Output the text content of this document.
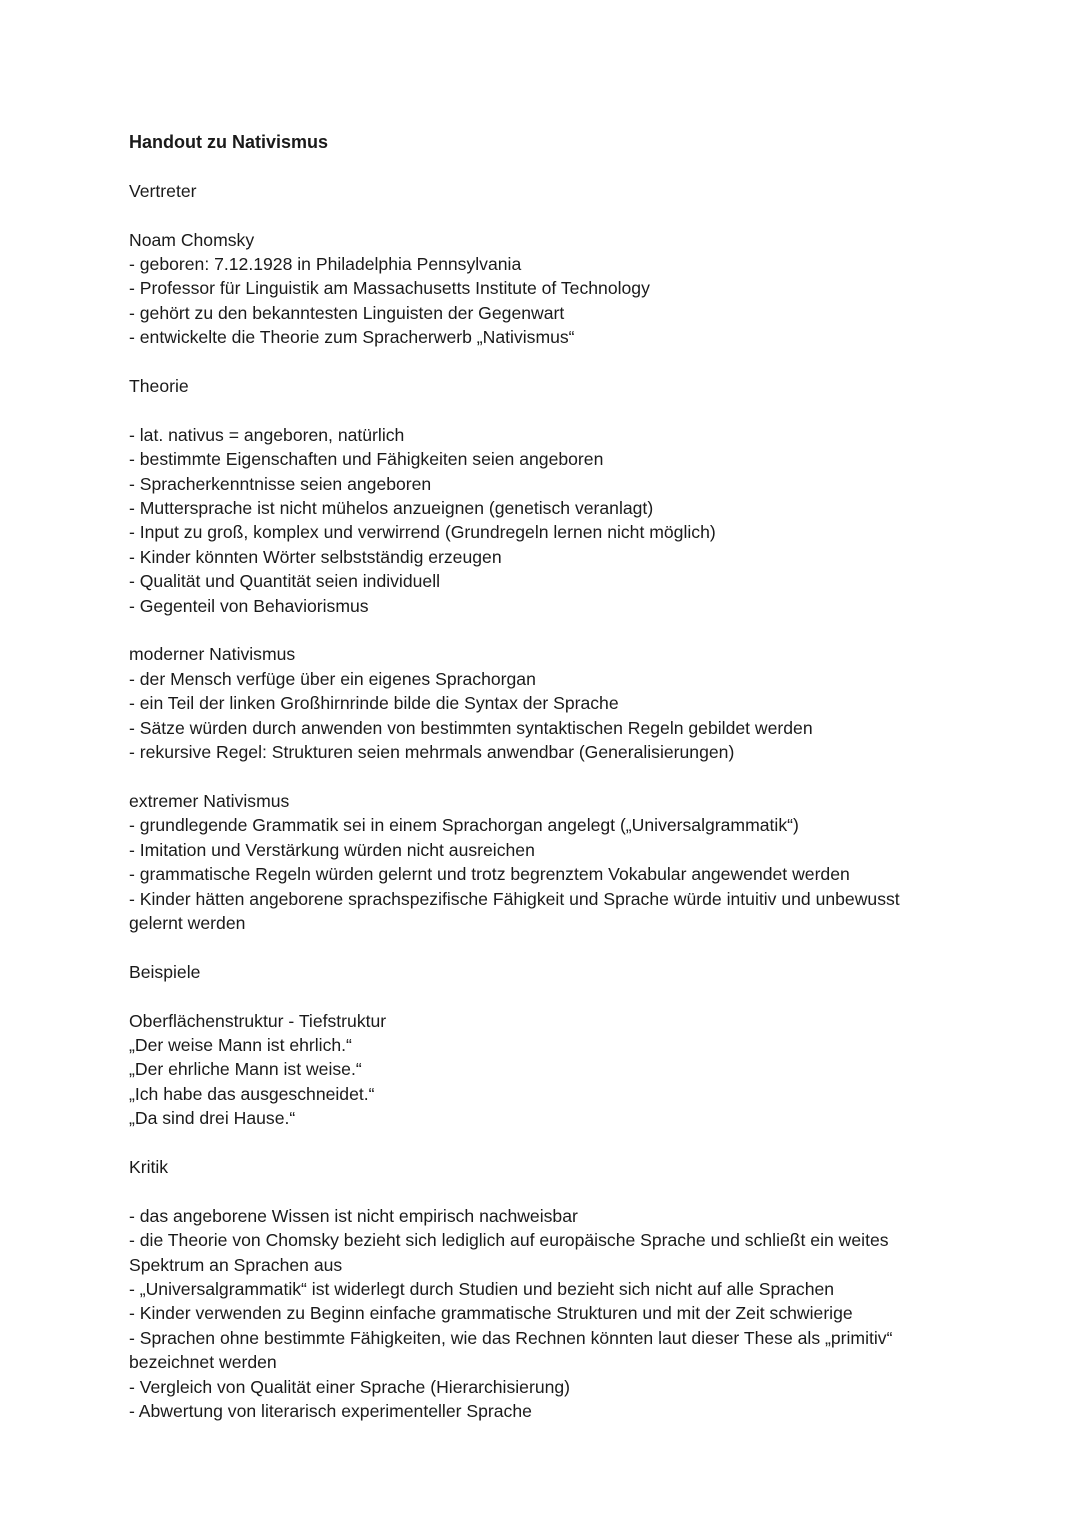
Handout zu Nativismus
Vertreter
Noam Chomsky
- geboren: 7.12.1928 in Philadelphia Pennsylvania
- Professor für Linguistik am Massachusetts Institute of Technology
- gehört zu den bekanntesten Linguisten der Gegenwart
- entwickelte die Theorie zum Spracherwerb „Nativismus“
Theorie
- lat. nativus = angeboren, natürlich
- bestimmte Eigenschaften und Fähigkeiten seien angeboren
- Spracherkenntnisse seien angeboren
- Muttersprache ist nicht mühelos anzueignen (genetisch veranlagt)
- Input zu groß, komplex und verwirrend (Grundregeln lernen nicht möglich)
- Kinder könnten Wörter selbstständig erzeugen
- Qualität und Quantität seien individuell
- Gegenteil von Behaviorismus
moderner Nativismus
- der Mensch verfüge über ein eigenes Sprachorgan
- ein Teil der linken Großhirnrinde bilde die Syntax der Sprache
- Sätze würden durch anwenden von bestimmten syntaktischen Regeln gebildet werden
- rekursive Regel: Strukturen seien mehrmals anwendbar (Generalisierungen)
extremer Nativismus
- grundlegende Grammatik sei in einem Sprachorgan angelegt („Universalgrammatik“)
- Imitation und Verstärkung würden nicht ausreichen
- grammatische Regeln würden gelernt und trotz begrenztem Vokabular angewendet werden
- Kinder hätten angeborene sprachspezifische Fähigkeit und Sprache würde intuitiv und unbewusst
gelernt werden
Beispiele
Oberflächenstruktur - Tiefstruktur
„Der weise Mann ist ehrlich.“
„Der ehrliche Mann ist weise.“
„Ich habe das ausgeschneidet.“
„Da sind drei Hause.“
Kritik
- das angeborene Wissen ist nicht empirisch nachweisbar
- die Theorie von Chomsky bezieht sich lediglich auf europäische Sprache und schließt ein weites
Spektrum an Sprachen aus
- „Universalgrammatik“ ist widerlegt durch Studien und bezieht sich nicht auf alle Sprachen
- Kinder verwenden zu Beginn einfache grammatische Strukturen und mit der Zeit schwierige
- Sprachen ohne bestimmte Fähigkeiten, wie das Rechnen könnten laut dieser These als „primitiv“
bezeichnet werden
- Vergleich von Qualität einer Sprache (Hierarchisierung)
- Abwertung von literarisch experimenteller Sprache
